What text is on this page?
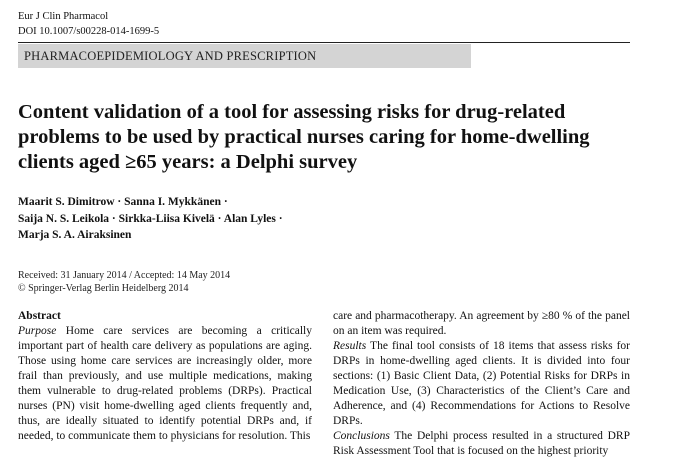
Eur J Clin Pharmacol
DOI 10.1007/s00228-014-1699-5
PHARMACOEPIDEMIOLOGY AND PRESCRIPTION
Content validation of a tool for assessing risks for drug-related
problems to be used by practical nurses caring for home-dwelling
clients aged ≥65 years: a Delphi survey
Maarit S. Dimitrow · Sanna I. Mykkänen ·
Saija N. S. Leikola · Sirkka-Liisa Kivelä · Alan Lyles ·
Marja S. A. Airaksinen
Received: 31 January 2014 / Accepted: 14 May 2014
© Springer-Verlag Berlin Heidelberg 2014

Abstract

Purpose Home care services are becoming a critically important part of health care delivery as populations are aging. Those using home care services are increasingly older, more frail than previously, and use multiple medications, making them vulnerable to drug-related problems (DRPs). Practical nurses (PN) visit home-dwelling aged clients frequently and, thus, are ideally situated to identify potential DRPs and, if needed, to communicate them to physicians for resolution. This

care and pharmacotherapy. An agreement by ≥80 % of the panel on an item was required.

Results The final tool consists of 18 items that assess risks for DRPs in home-dwelling aged clients. It is divided into four sections: (1) Basic Client Data, (2) Potential Risks for DRPs in Medication Use, (3) Characteristics of the Client’s Care and Adherence, and (4) Recommendations for Actions to Resolve DRPs.

Conclusions The Delphi process resulted in a structured DRP Risk Assessment Tool that is focused on the highest priority
